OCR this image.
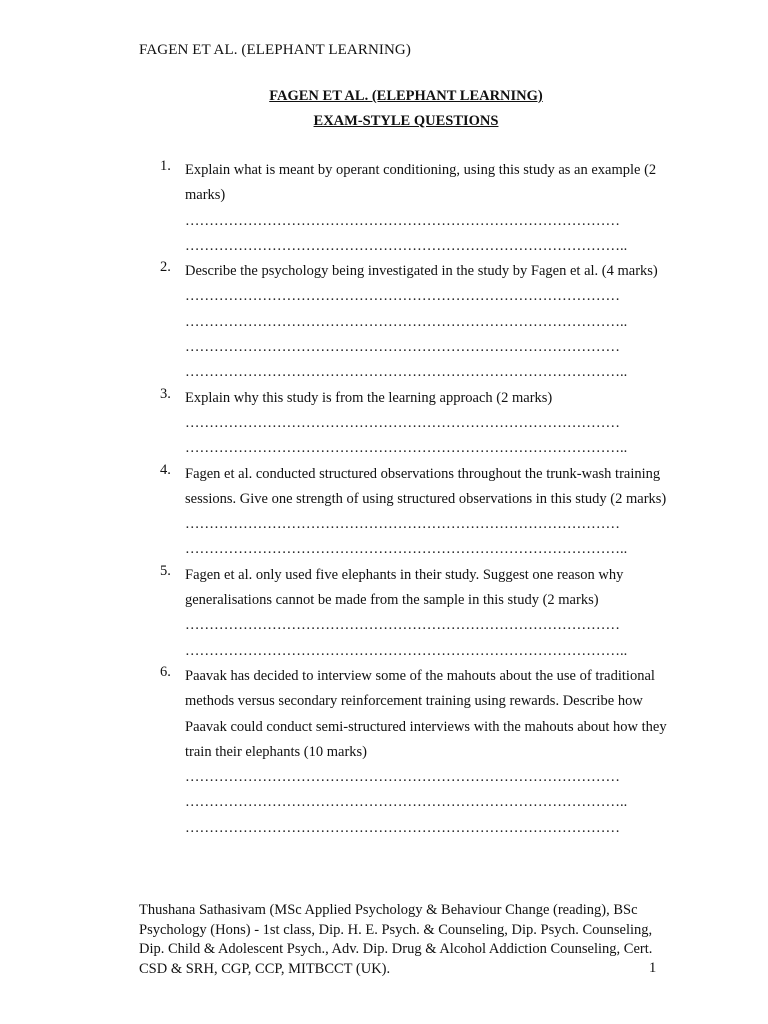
FAGEN ET AL. (ELEPHANT LEARNING)
FAGEN ET AL. (ELEPHANT LEARNING)
EXAM-STYLE QUESTIONS
1. Explain what is meant by operant conditioning, using this study as an example (2 marks)

………………………………………………………………………………
………………………………………………………………………………..
2. Describe the psychology being investigated in the study by Fagen et al. (4 marks)

………………………………………………………………………………
………………………………………………………………………………..
………………………………………………………………………………
………………………………………………………………………………..
3. Explain why this study is from the learning approach (2 marks)

………………………………………………………………………………
………………………………………………………………………………..
4. Fagen et al. conducted structured observations throughout the trunk-wash training sessions. Give one strength of using structured observations in this study (2 marks)

………………………………………………………………………………
………………………………………………………………………………..
5. Fagen et al. only used five elephants in their study. Suggest one reason why generalisations cannot be made from the sample in this study (2 marks)

………………………………………………………………………………
………………………………………………………………………………..
6. Paavak has decided to interview some of the mahouts about the use of traditional methods versus secondary reinforcement training using rewards. Describe how Paavak could conduct semi-structured interviews with the mahouts about how they train their elephants (10 marks)

………………………………………………………………………………
………………………………………………………………………………..
………………………………………………………………………………
Thushana Sathasivam (MSc Applied Psychology & Behaviour Change (reading), BSc Psychology (Hons) - 1st class, Dip. H. E. Psych. & Counseling, Dip. Psych. Counseling, Dip. Child & Adolescent Psych., Adv. Dip. Drug & Alcohol Addiction Counseling, Cert. CSD & SRH, CGP, CCP, MITBCCT (UK).	1
